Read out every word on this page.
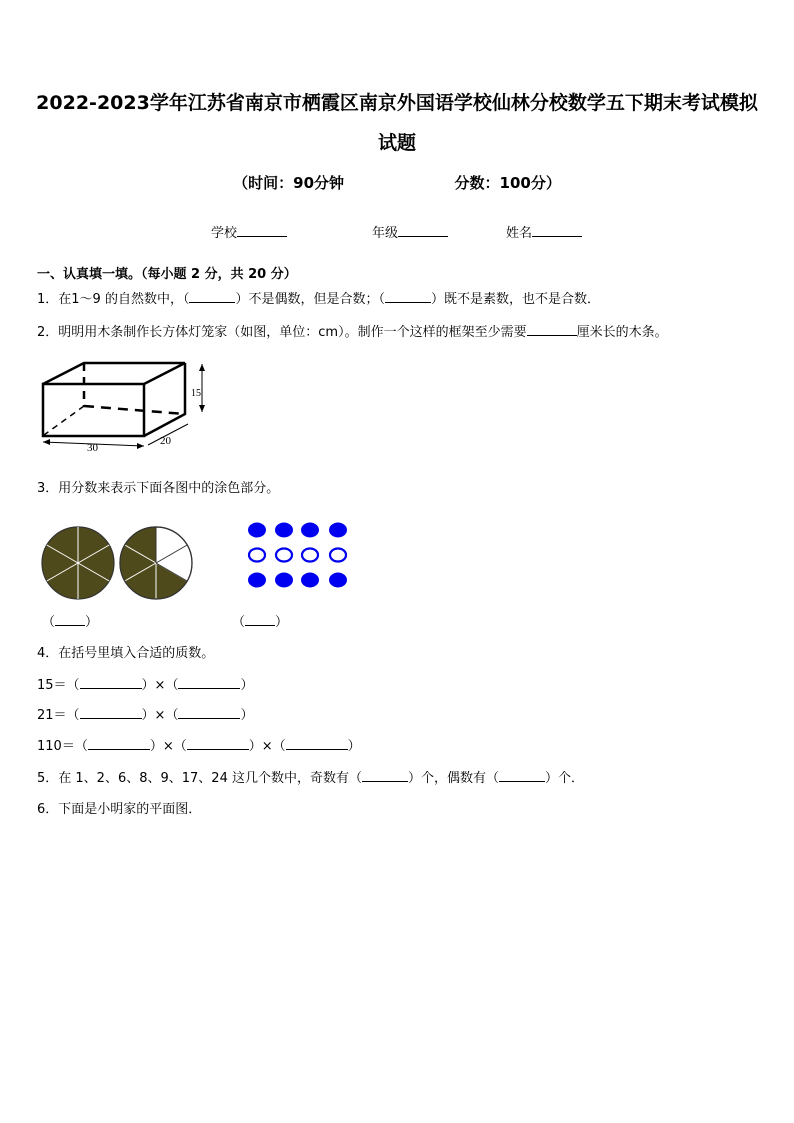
2022-2023学年江苏省南京市栖霞区南京外国语学校仙林分校数学五下期末考试模拟
试题
（时间：90分钟	分数：100分）
学校	年级	姓名
一、认真填一填。（每小题 2 分，共 20 分）
1．在1～9 的自然数中，（	）不是偶数，但是合数；（	）既不是素数，也不是合数．
2．明明用木条制作长方体灯笼家（如图，单位：cm）。制作一个这样的框架至少需要	厘米长的木条。
30
20
15
3．用分数来表示下面各图中的涂色部分。
（ ）	（ ）
4．在括号里填入合适的质数。
15＝（	）×（	）
21＝（	）×（	）
110＝（	）×（	）×（	）
5．在 1、2、6、8、9、17、24 这几个数中，奇数有（	）个，偶数有（	）个．
6．下面是小明家的平面图．
